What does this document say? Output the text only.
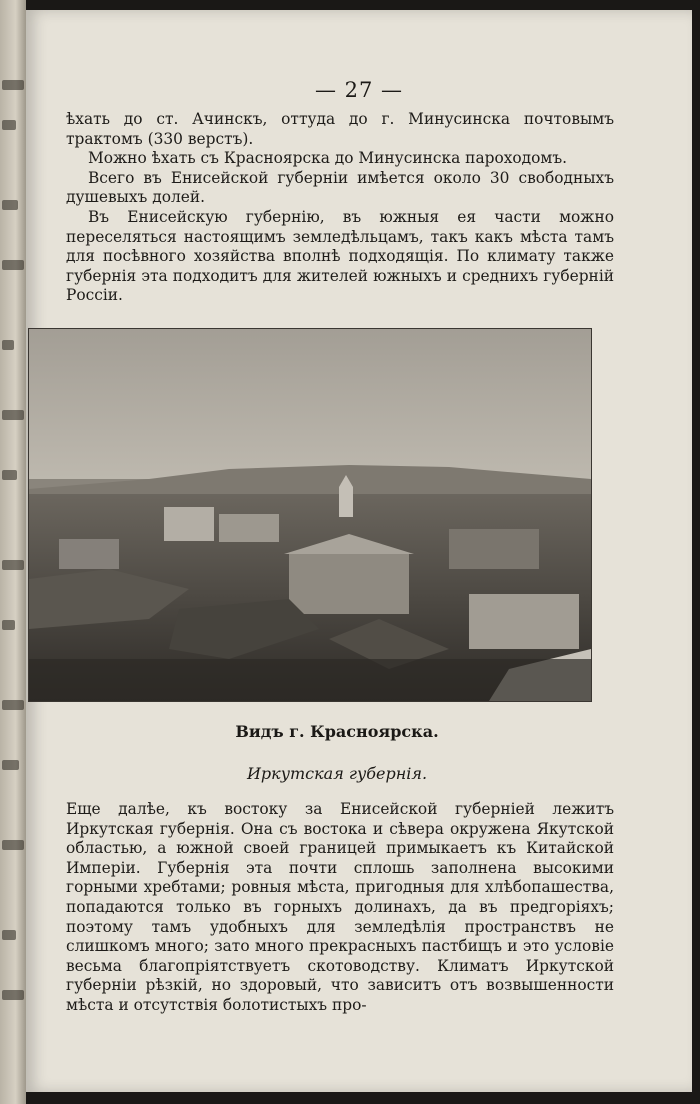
— 27 —

ѣхать до ст. Ачинскъ, оттуда до г. Минусинска почтовымъ трактомъ (330 верстъ).

Можно ѣхать съ Красноярска до Минусинска пароходомъ.

Всего въ Енисейской губерніи имѣется около 30 свободныхъ душевыхъ долей.

Въ Енисейскую губернію, въ южныя ея части можно переселяться настоящимъ земледѣльцамъ, такъ какъ мѣста тамъ для посѣвного хозяйства вполнѣ подходящія. По климату также губернія эта подходитъ для жителей южныхъ и среднихъ губерній Россіи.

Видъ г. Красноярска.
Иркутская губернія.

Еще далѣе, къ востоку за Енисейской губерніей лежитъ Иркутская губернія. Она съ востока и сѣвера окружена Якутской областью, а южной своей границей примыкаетъ къ Китайской Имперіи. Губернія эта почти сплошь заполнена высокими горными хребтами; ровныя мѣста, пригодныя для хлѣбопашества, попадаются только въ горныхъ долинахъ, да въ предгоріяхъ; поэтому тамъ удобныхъ для земледѣлія пространствъ не слишкомъ много; зато много прекрасныхъ пастбищъ и это условіе весьма благопріятствуетъ скотоводству. Климатъ Иркутской губерніи рѣзкій, но здоровый, что зависитъ отъ возвышенности мѣста и отсутствія болотистыхъ про-
